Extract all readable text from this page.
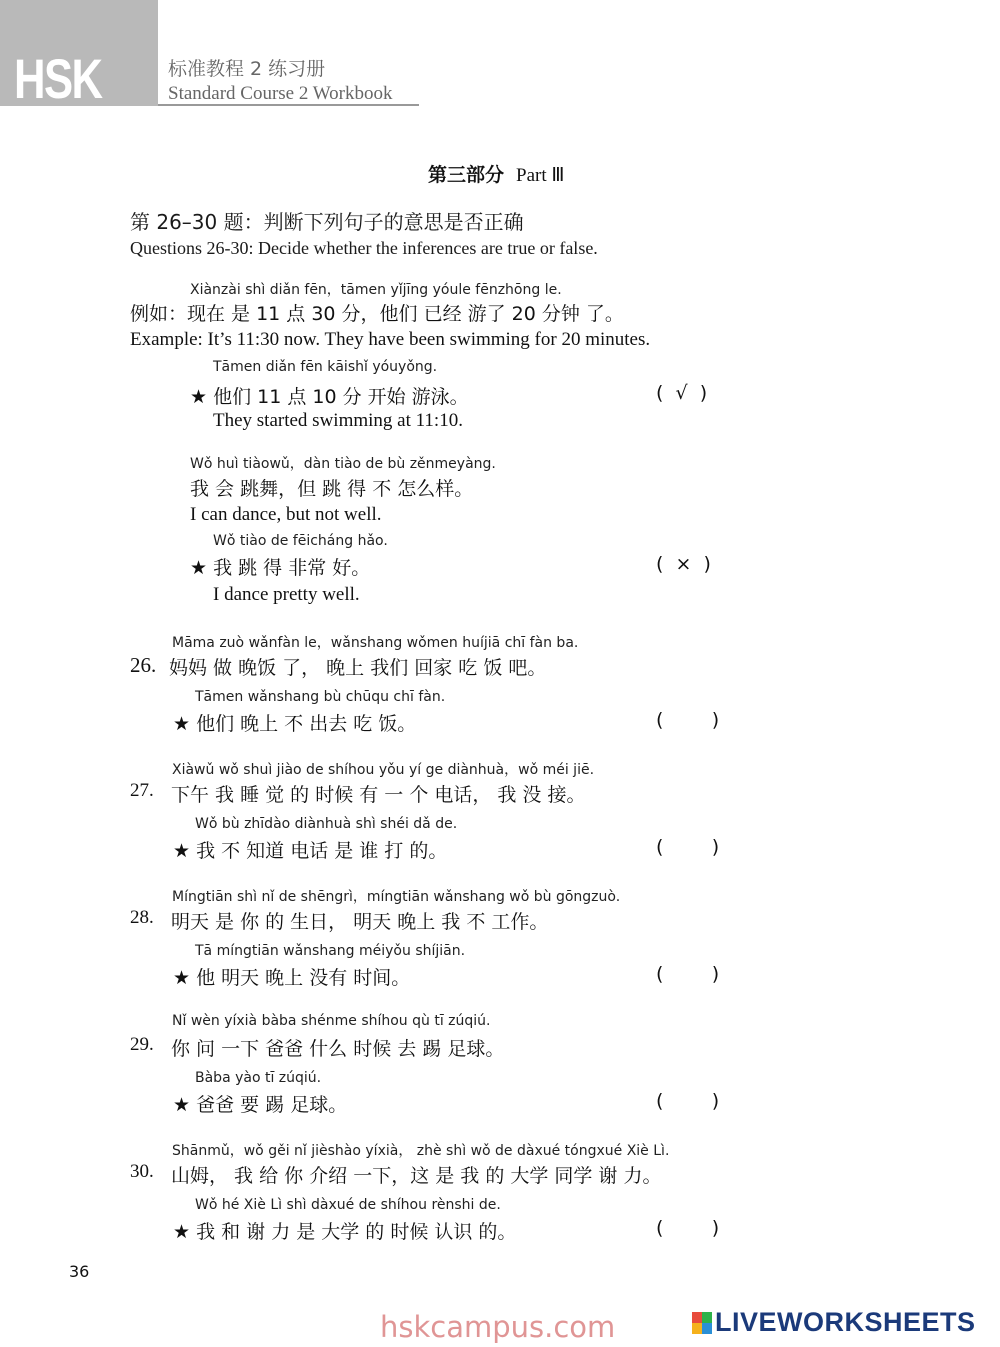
HSK	标准教程 2 练习册
Standard Course 2 Workbook
第三部分 Part Ⅲ
第 26–30 题：判断下列句子的意思是否正确
Questions 26-30: Decide whether the inferences are true or false.
Xiànzài shì diǎn fēn，tāmen yǐjīng yóule fēnzhōng le.
例如：现在 是 11 点 30 分，他们 已经 游了 20 分钟 了。
Example: It’s 11:30 now. They have been swimming for 20 minutes.
Tāmen diǎn fēn kāishǐ yóuyǒng.
★ 他们 11 点 10 分 开始 游泳。	(  √  )
They started swimming at 11:10.
Wǒ huì tiàowǔ，dàn tiào de bù zěnmeyàng.
我 会 跳舞，但 跳 得 不 怎么样。
I can dance, but not well.
Wǒ tiào de fēicháng hǎo.
★ 我 跳 得 非常 好。	(  ×  )
I dance pretty well.
Māma zuò wǎnfàn le，wǎnshang wǒmen huíjiā chī fàn ba.
26. 妈妈 做 晚饭 了， 晚上 我们 回家 吃 饭 吧。
Tāmen wǎnshang bù chūqu chī fàn.
★ 他们 晚上 不 出去 吃 饭。	(        )
Xiàwǔ wǒ shuì jiào de shíhou yǒu yí ge diànhuà，wǒ méi jiē.
27. 下午 我 睡 觉 的 时候 有 一 个 电话， 我 没 接。
Wǒ bù zhīdào diànhuà shì shéi dǎ de.
★ 我 不 知道 电话 是 谁 打 的。	(        )
Míngtiān shì nǐ de shēngrì，míngtiān wǎnshang wǒ bù gōngzuò.
28. 明天 是 你 的 生日， 明天 晚上 我 不 工作。
Tā míngtiān wǎnshang méiyǒu shíjiān.
★ 他 明天 晚上 没有 时间。	(        )
Nǐ wèn yíxià bàba shénme shíhou qù tī zúqiú.
29. 你 问 一下 爸爸 什么 时候 去 踢 足球。
Bàba yào tī zúqiú.
★ 爸爸 要 踢 足球。	(        )
Shānmǔ，wǒ gěi nǐ jièshào yíxià， zhè shì wǒ de dàxué tóngxué Xiè Lì.
30. 山姆， 我 给 你 介绍 一下，这 是 我 的 大学 同学 谢 力。
Wǒ hé Xiè Lì shì dàxué de shíhou rènshi de.
★ 我 和 谢 力 是 大学 的 时候 认识 的。	(        )
36
hskcampus.com	LIVEWORKSHEETS
